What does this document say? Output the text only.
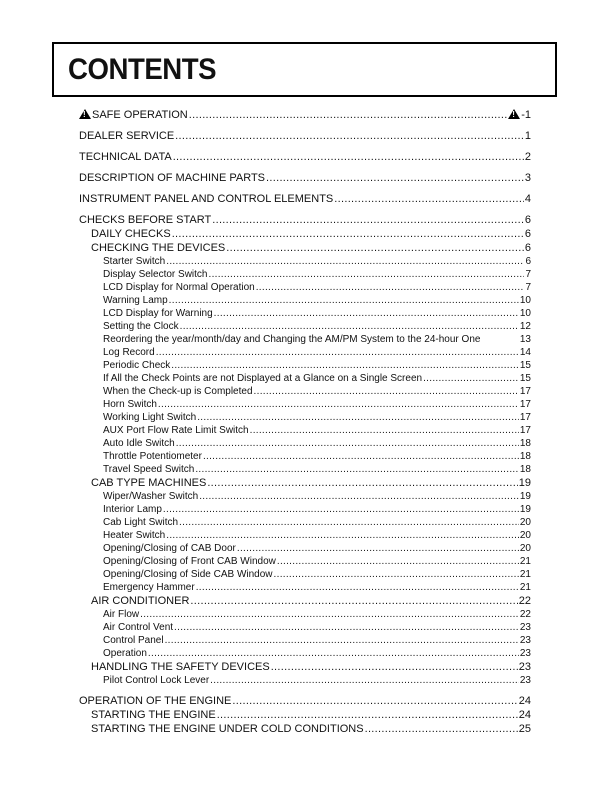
CONTENTS
!SAFE OPERATION ..... !	-1
DEALER SERVICE .....	1
TECHNICAL DATA .....	2
DESCRIPTION OF MACHINE PARTS .....	3
INSTRUMENT PANEL AND CONTROL ELEMENTS .....	4
CHECKS BEFORE START .....	6
DAILY CHECKS .....	6
CHECKING THE DEVICES .....	6
Starter Switch .....	6
Display Selector Switch .....	7
LCD Display for Normal Operation .....	7
Warning Lamp .....	10
LCD Display for Warning .....	10
Setting the Clock .....	12
Reordering the year/month/day and Changing the AM/PM System to the 24-hour One	13
Log Record .....	14
Periodic Check .....	15
If All the Check Points are not Displayed at a Glance on a Single Screen .....	15
When the Check-up is Completed .....	17
Horn Switch .....	17
Working Light Switch .....	17
AUX Port Flow Rate Limit Switch .....	17
Auto Idle Switch .....	18
Throttle Potentiometer .....	18
Travel Speed Switch .....	18
CAB TYPE MACHINES .....	19
Wiper/Washer Switch .....	19
Interior Lamp .....	19
Cab Light Switch .....	20
Heater Switch .....	20
Opening/Closing of CAB Door .....	20
Opening/Closing of Front CAB Window .....	21
Opening/Closing of Side CAB Window .....	21
Emergency Hammer .....	21
AIR CONDITIONER .....	22
Air Flow .....	22
Air Control Vent .....	23
Control Panel .....	23
Operation .....	23
HANDLING THE SAFETY DEVICES .....	23
Pilot Control Lock Lever .....	23
OPERATION OF THE ENGINE .....	24
STARTING THE ENGINE .....	24
STARTING THE ENGINE UNDER COLD CONDITIONS .....	25
